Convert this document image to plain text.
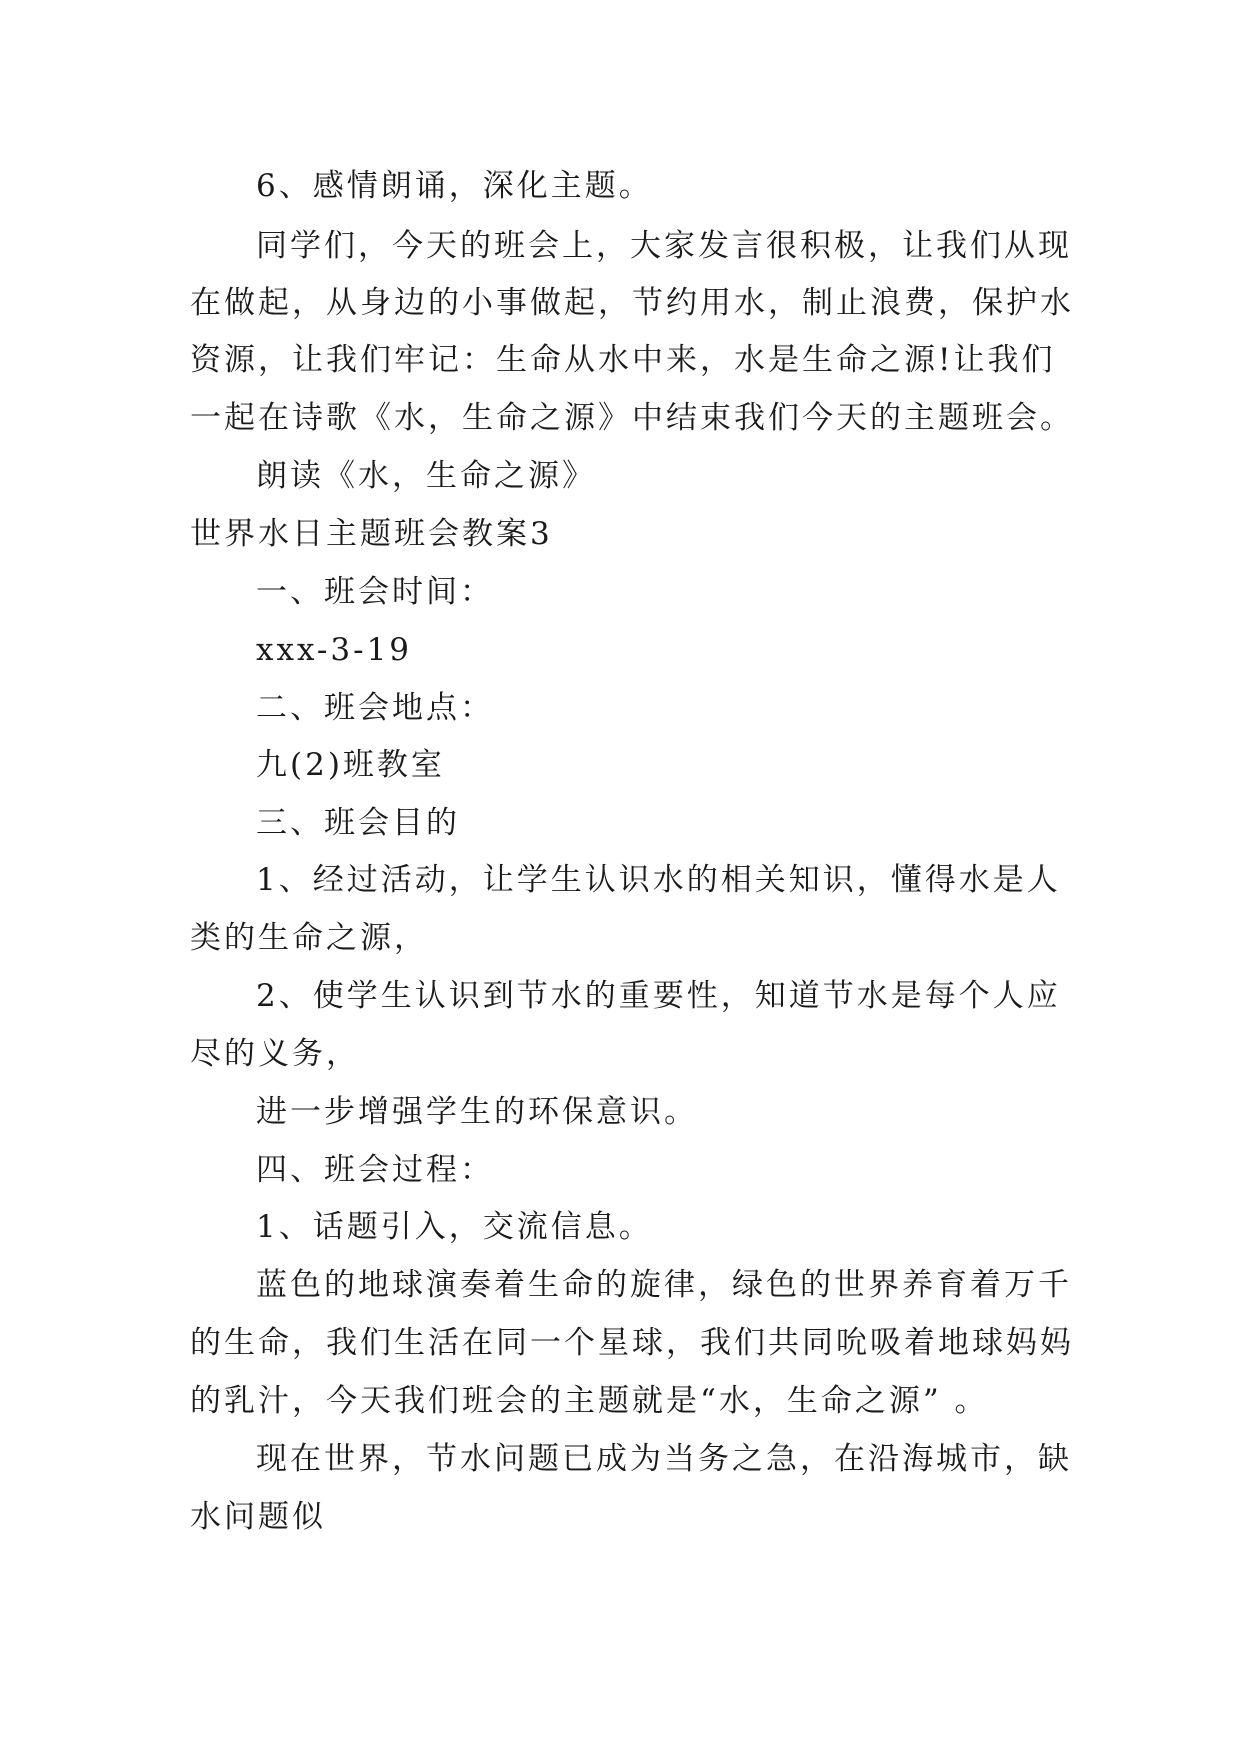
6、感情朗诵，深化主题。
同学们，今天的班会上，大家发言很积极，让我们从现
在做起，从身边的小事做起，节约用水，制止浪费，保护水
资源，让我们牢记：生命从水中来，水是生命之源!让我们
一起在诗歌《水，生命之源》中结束我们今天的主题班会。
朗读《水，生命之源》
世界水日主题班会教案3
一、班会时间：
xxx-3-19
二、班会地点：
九(2)班教室
三、班会目的
1、经过活动，让学生认识水的相关知识，懂得水是人
类的生命之源，
2、使学生认识到节水的重要性，知道节水是每个人应
尽的义务，
进一步增强学生的环保意识。
四、班会过程：
1、话题引入，交流信息。
蓝色的地球演奏着生命的旋律，绿色的世界养育着万千
的生命，我们生活在同一个星球，我们共同吮吸着地球妈妈
的乳汁，今天我们班会的主题就是“水，生命之源” 。
现在世界，节水问题已成为当务之急，在沿海城市，缺
水问题似
